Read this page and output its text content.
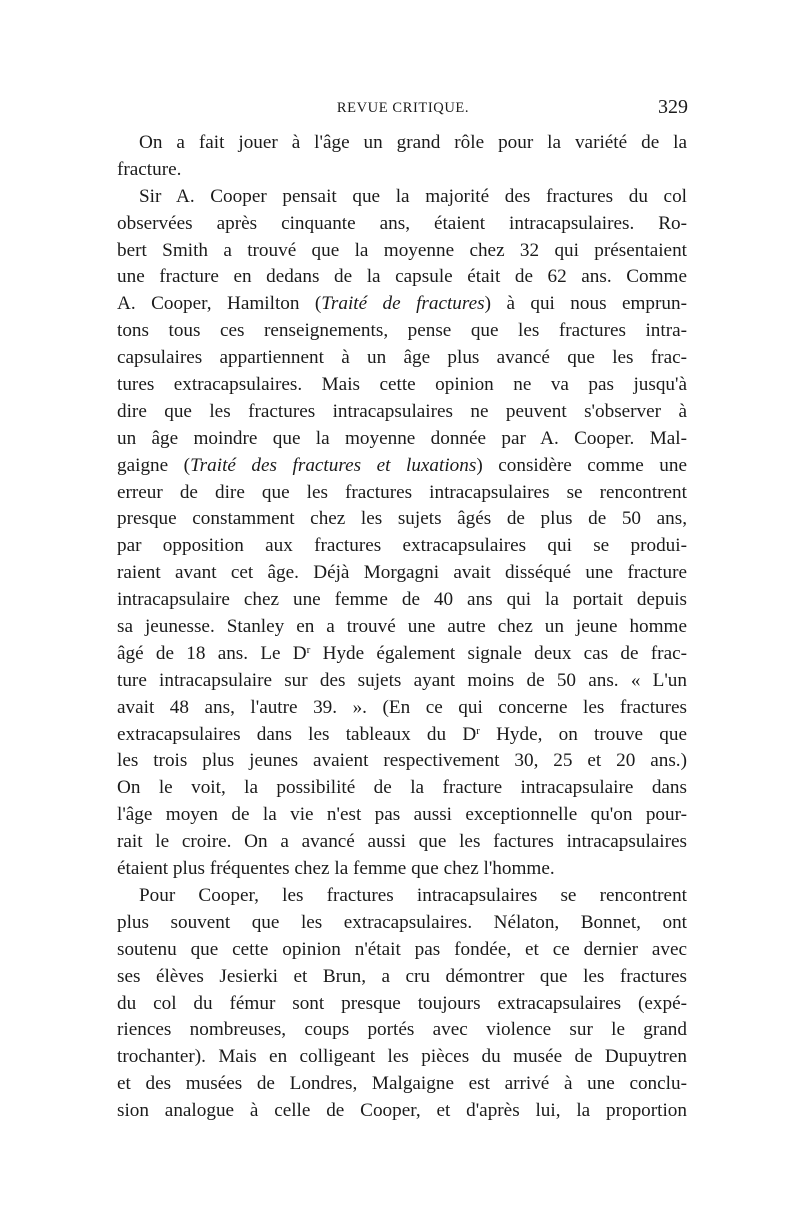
REVUE CRITIQUE.	329

On a fait jouer à l'âge un grand rôle pour la variété de la
fracture.

Sir A. Cooper pensait que la majorité des fractures du col
observées après cinquante ans, étaient intracapsulaires. Ro-
bert Smith a trouvé que la moyenne chez 32 qui présentaient
une fracture en dedans de la capsule était de 62 ans. Comme
A. Cooper, Hamilton (Traité de fractures) à qui nous emprun-
tons tous ces renseignements, pense que les fractures intra-
capsulaires appartiennent à un âge plus avancé que les frac-
tures extracapsulaires. Mais cette opinion ne va pas jusqu'à
dire que les fractures intracapsulaires ne peuvent s'observer à
un âge moindre que la moyenne donnée par A. Cooper. Mal-
gaigne (Traité des fractures et luxations) considère comme une
erreur de dire que les fractures intracapsulaires se rencontrent
presque constamment chez les sujets âgés de plus de 50 ans,
par opposition aux fractures extracapsulaires qui se produi-
raient avant cet âge. Déjà Morgagni avait disséqué une fracture
intracapsulaire chez une femme de 40 ans qui la portait depuis
sa jeunesse. Stanley en a trouvé une autre chez un jeune homme
âgé de 18 ans. Le $D^r$ Hyde également signale deux cas de frac-
ture intracapsulaire sur des sujets ayant moins de 50 ans. « L'un
avait 48 ans, l'autre 39. ». (En ce qui concerne les fractures
extracapsulaires dans les tableaux du $D^r$ Hyde, on trouve que
les trois plus jeunes avaient respectivement 30, 25 et 20 ans.)
On le voit, la possibilité de la fracture intracapsulaire dans
l'âge moyen de la vie n'est pas aussi exceptionnelle qu'on pour-
rait le croire. On a avancé aussi que les factures intracapsulaires
étaient plus fréquentes chez la femme que chez l'homme.

Pour Cooper, les fractures intracapsulaires se rencontrent
plus souvent que les extracapsulaires. Nélaton, Bonnet, ont
soutenu que cette opinion n'était pas fondée, et ce dernier avec
ses élèves Jesierki et Brun, a cru démontrer que les fractures
du col du fémur sont presque toujours extracapsulaires (expé-
riences nombreuses, coups portés avec violence sur le grand
trochanter). Mais en colligeant les pièces du musée de Dupuytren
et des musées de Londres, Malgaigne est arrivé à une conclu-
sion analogue à celle de Cooper, et d'après lui, la proportion
